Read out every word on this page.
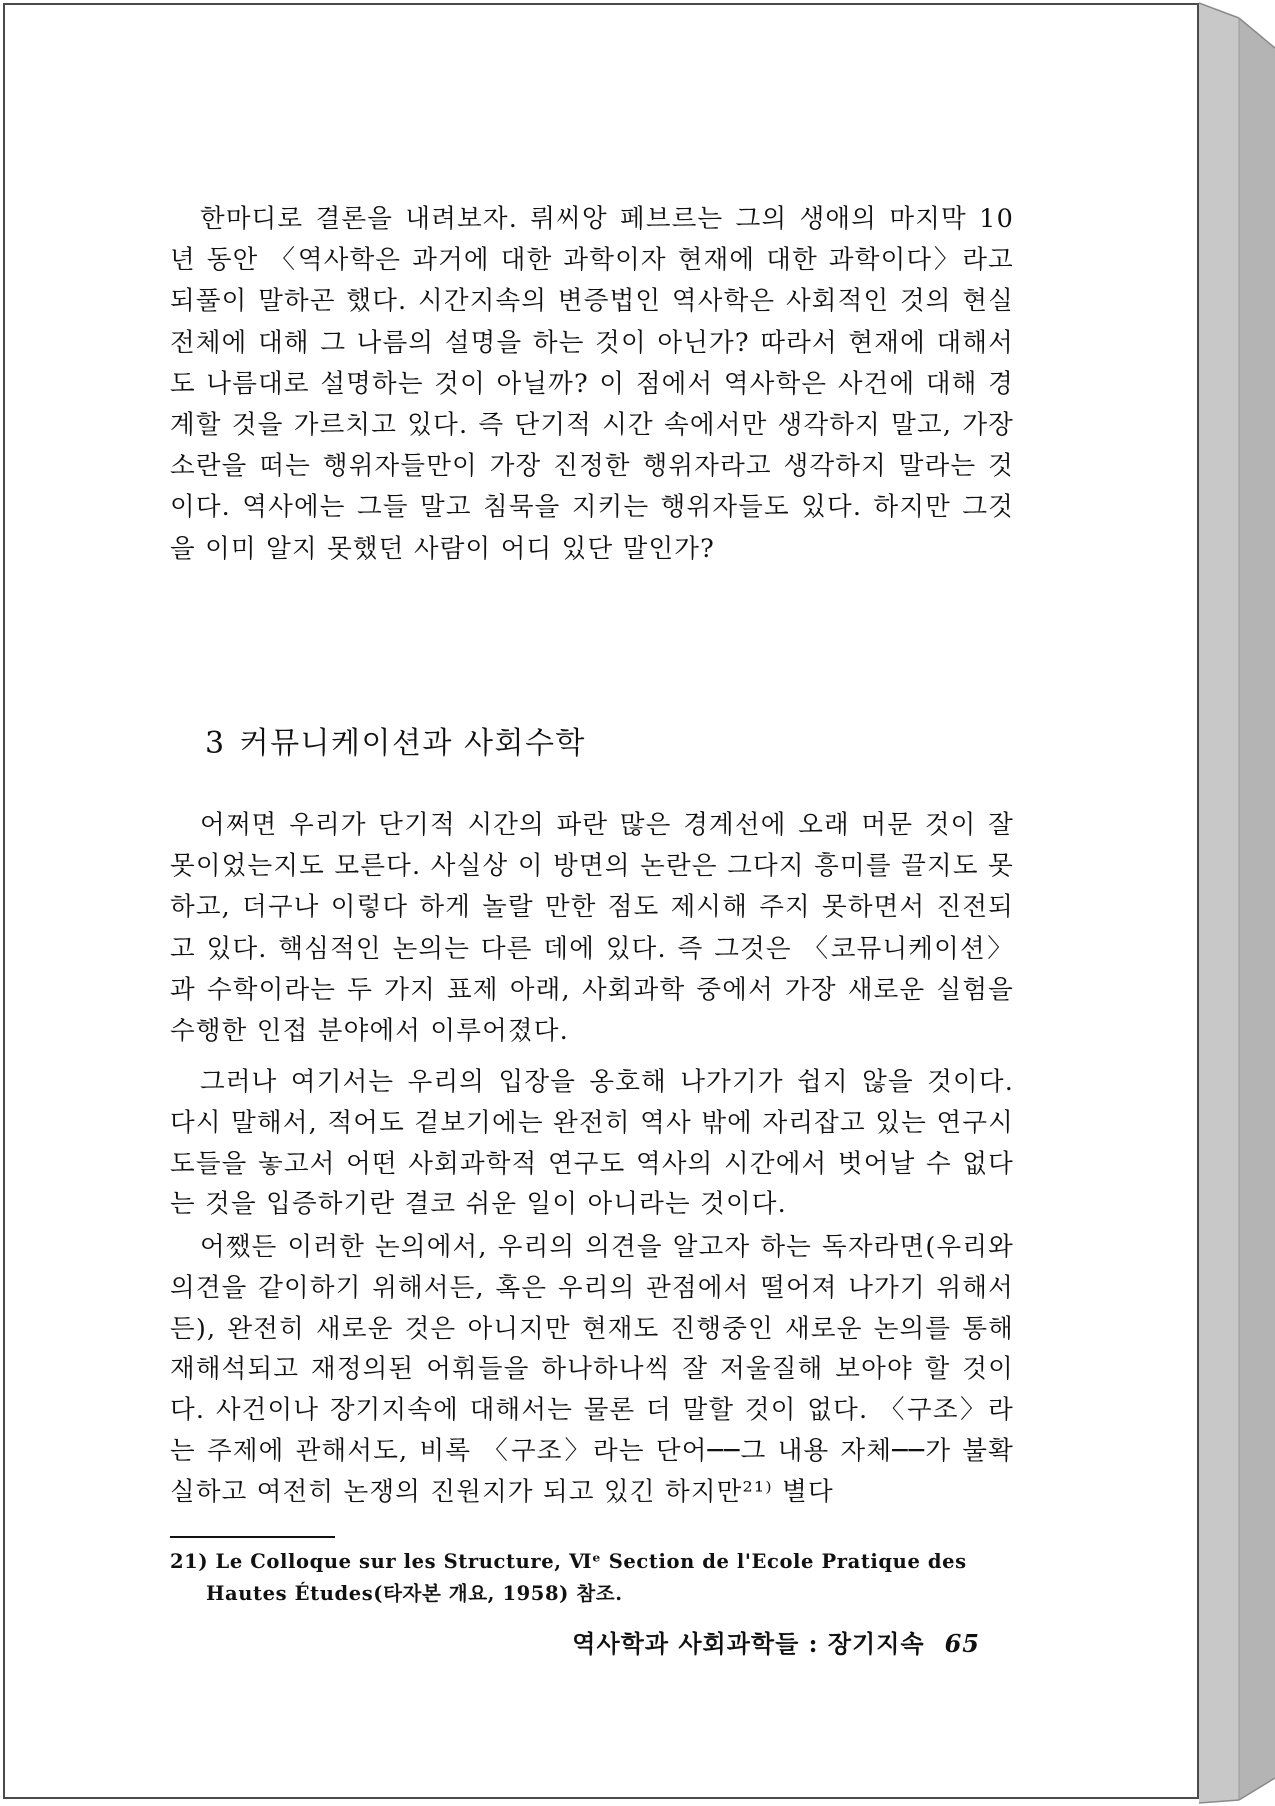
한마디로 결론을 내려보자. 뤼씨앙 페브르는 그의 생애의 마지막 10년 동안 〈역사학은 과거에 대한 과학이자 현재에 대한 과학이다〉라고 되풀이 말하곤 했다. 시간지속의 변증법인 역사학은 사회적인 것의 현실 전체에 대해 그 나름의 설명을 하는 것이 아닌가? 따라서 현재에 대해서도 나름대로 설명하는 것이 아닐까? 이 점에서 역사학은 사건에 대해 경계할 것을 가르치고 있다. 즉 단기적 시간 속에서만 생각하지 말고, 가장 소란을 떠는 행위자들만이 가장 진정한 행위자라고 생각하지 말라는 것이다. 역사에는 그들 말고 침묵을 지키는 행위자들도 있다. 하지만 그것을 이미 알지 못했던 사람이 어디 있단 말인가?

3 커뮤니케이션과 사회수학

어쩌면 우리가 단기적 시간의 파란 많은 경계선에 오래 머문 것이 잘못이었는지도 모른다. 사실상 이 방면의 논란은 그다지 흥미를 끌지도 못하고, 더구나 이렇다 하게 놀랄 만한 점도 제시해 주지 못하면서 진전되고 있다. 핵심적인 논의는 다른 데에 있다. 즉 그것은 〈코뮤니케이션〉과 수학이라는 두 가지 표제 아래, 사회과학 중에서 가장 새로운 실험을 수행한 인접 분야에서 이루어졌다.

그러나 여기서는 우리의 입장을 옹호해 나가기가 쉽지 않을 것이다. 다시 말해서, 적어도 겉보기에는 완전히 역사 밖에 자리잡고 있는 연구시도들을 놓고서 어떤 사회과학적 연구도 역사의 시간에서 벗어날 수 없다는 것을 입증하기란 결코 쉬운 일이 아니라는 것이다.

어쨌든 이러한 논의에서, 우리의 의견을 알고자 하는 독자라면(우리와 의견을 같이하기 위해서든, 혹은 우리의 관점에서 떨어져 나가기 위해서든), 완전히 새로운 것은 아니지만 현재도 진행중인 새로운 논의를 통해 재해석되고 재정의된 어휘들을 하나하나씩 잘 저울질해 보아야 할 것이다. 사건이나 장기지속에 대해서는 물론 더 말할 것이 없다. 〈구조〉라는 주제에 관해서도, 비록 〈구조〉라는 단어──그 내용 자체──가 불확실하고 여전히 논쟁의 진원지가 되고 있긴 하지만²¹⁾ 별다

21) Le Colloque sur les Structure, Ⅵᵉ Section de l'Ecole Pratique des Hautes Études(타자본 개요, 1958) 참조.
역사학과 사회과학들 : 장기지속 65
